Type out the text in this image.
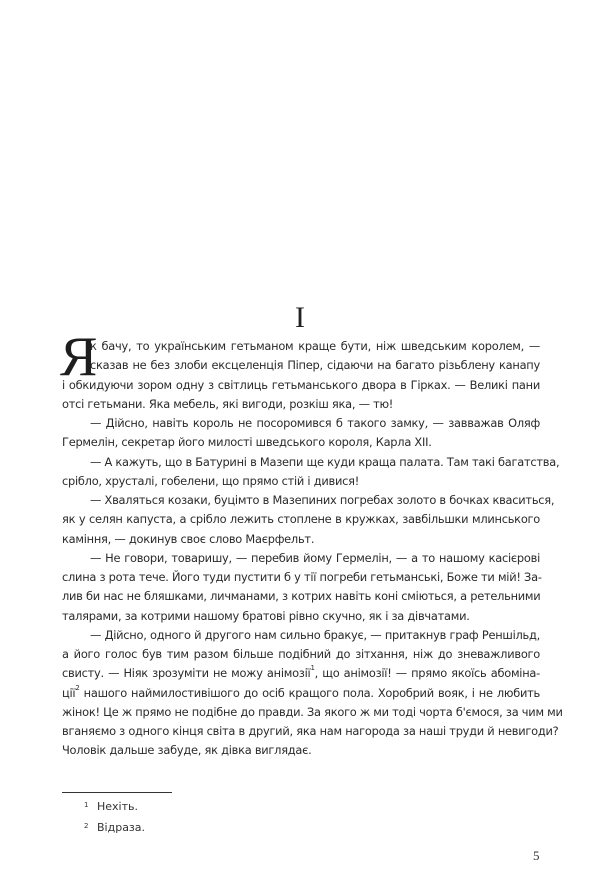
I
Я
к бачу, то українським гетьманом краще бути, ніж шведським королем, —
сказав не без злоби ексцеленція Піпер, сідаючи на багато різьблену канапу
і обкидуючи зором одну з світлиць гетьманського двора в Гірках. — Великі пани
отсі гетьмани. Яка мебель, які вигоди, розкіш яка, — тю!
— Дійсно, навіть король не посоромився б такого замку, — завважав Оляф
Гермелін, секретар його милості шведського короля, Карла XII.
— А кажуть, що в Батурині в Мазепи ще куди краща палата. Там такі багатства,
срібло, хрусталі, гобелени, що прямо стій і дивися!
— Хваляться козаки, буцімто в Мазепиних погребах золото в бочках кваситься,
як у селян капуста, а срібло лежить стоплене в кружках, завбільшки млинського
каміння, — докинув своє слово Маєрфельт.
— Не говори, товаришу, — перебив йому Гермелін, — а то нашому касієрові
слина з рота тече. Його туди пустити б у тії погреби гетьманські, Боже ти мій! За-
лив би нас не бляшками, личманами, з котрих навіть коні сміються, а ретельними
талярами, за котрими нашому братові рівно скучно, як і за дівчатами.
— Дійсно, одного й другого нам сильно бракує, — притакнув граф Реншільд,
а його голос був тим разом більше подібний до зітхання, ніж до зневажливого
свисту. — Ніяк зрозуміти не можу анімозії$^1$, що анімозії! — прямо якоїсь абоміна-
ції$^2$ нашого наймилостивішого до осіб кращого пола. Хоробрий вояк, і не любить
жінок! Це ж прямо не подібне до правди. За якого ж ми тоді чорта б'ємося, за чим ми
вганяємо з одного кінця світа в другий, яка нам нагорода за наші труди й невигоди?
Чоловік дальше забуде, як дівка виглядає.
1 Нехіть.
2 Відраза.
5
